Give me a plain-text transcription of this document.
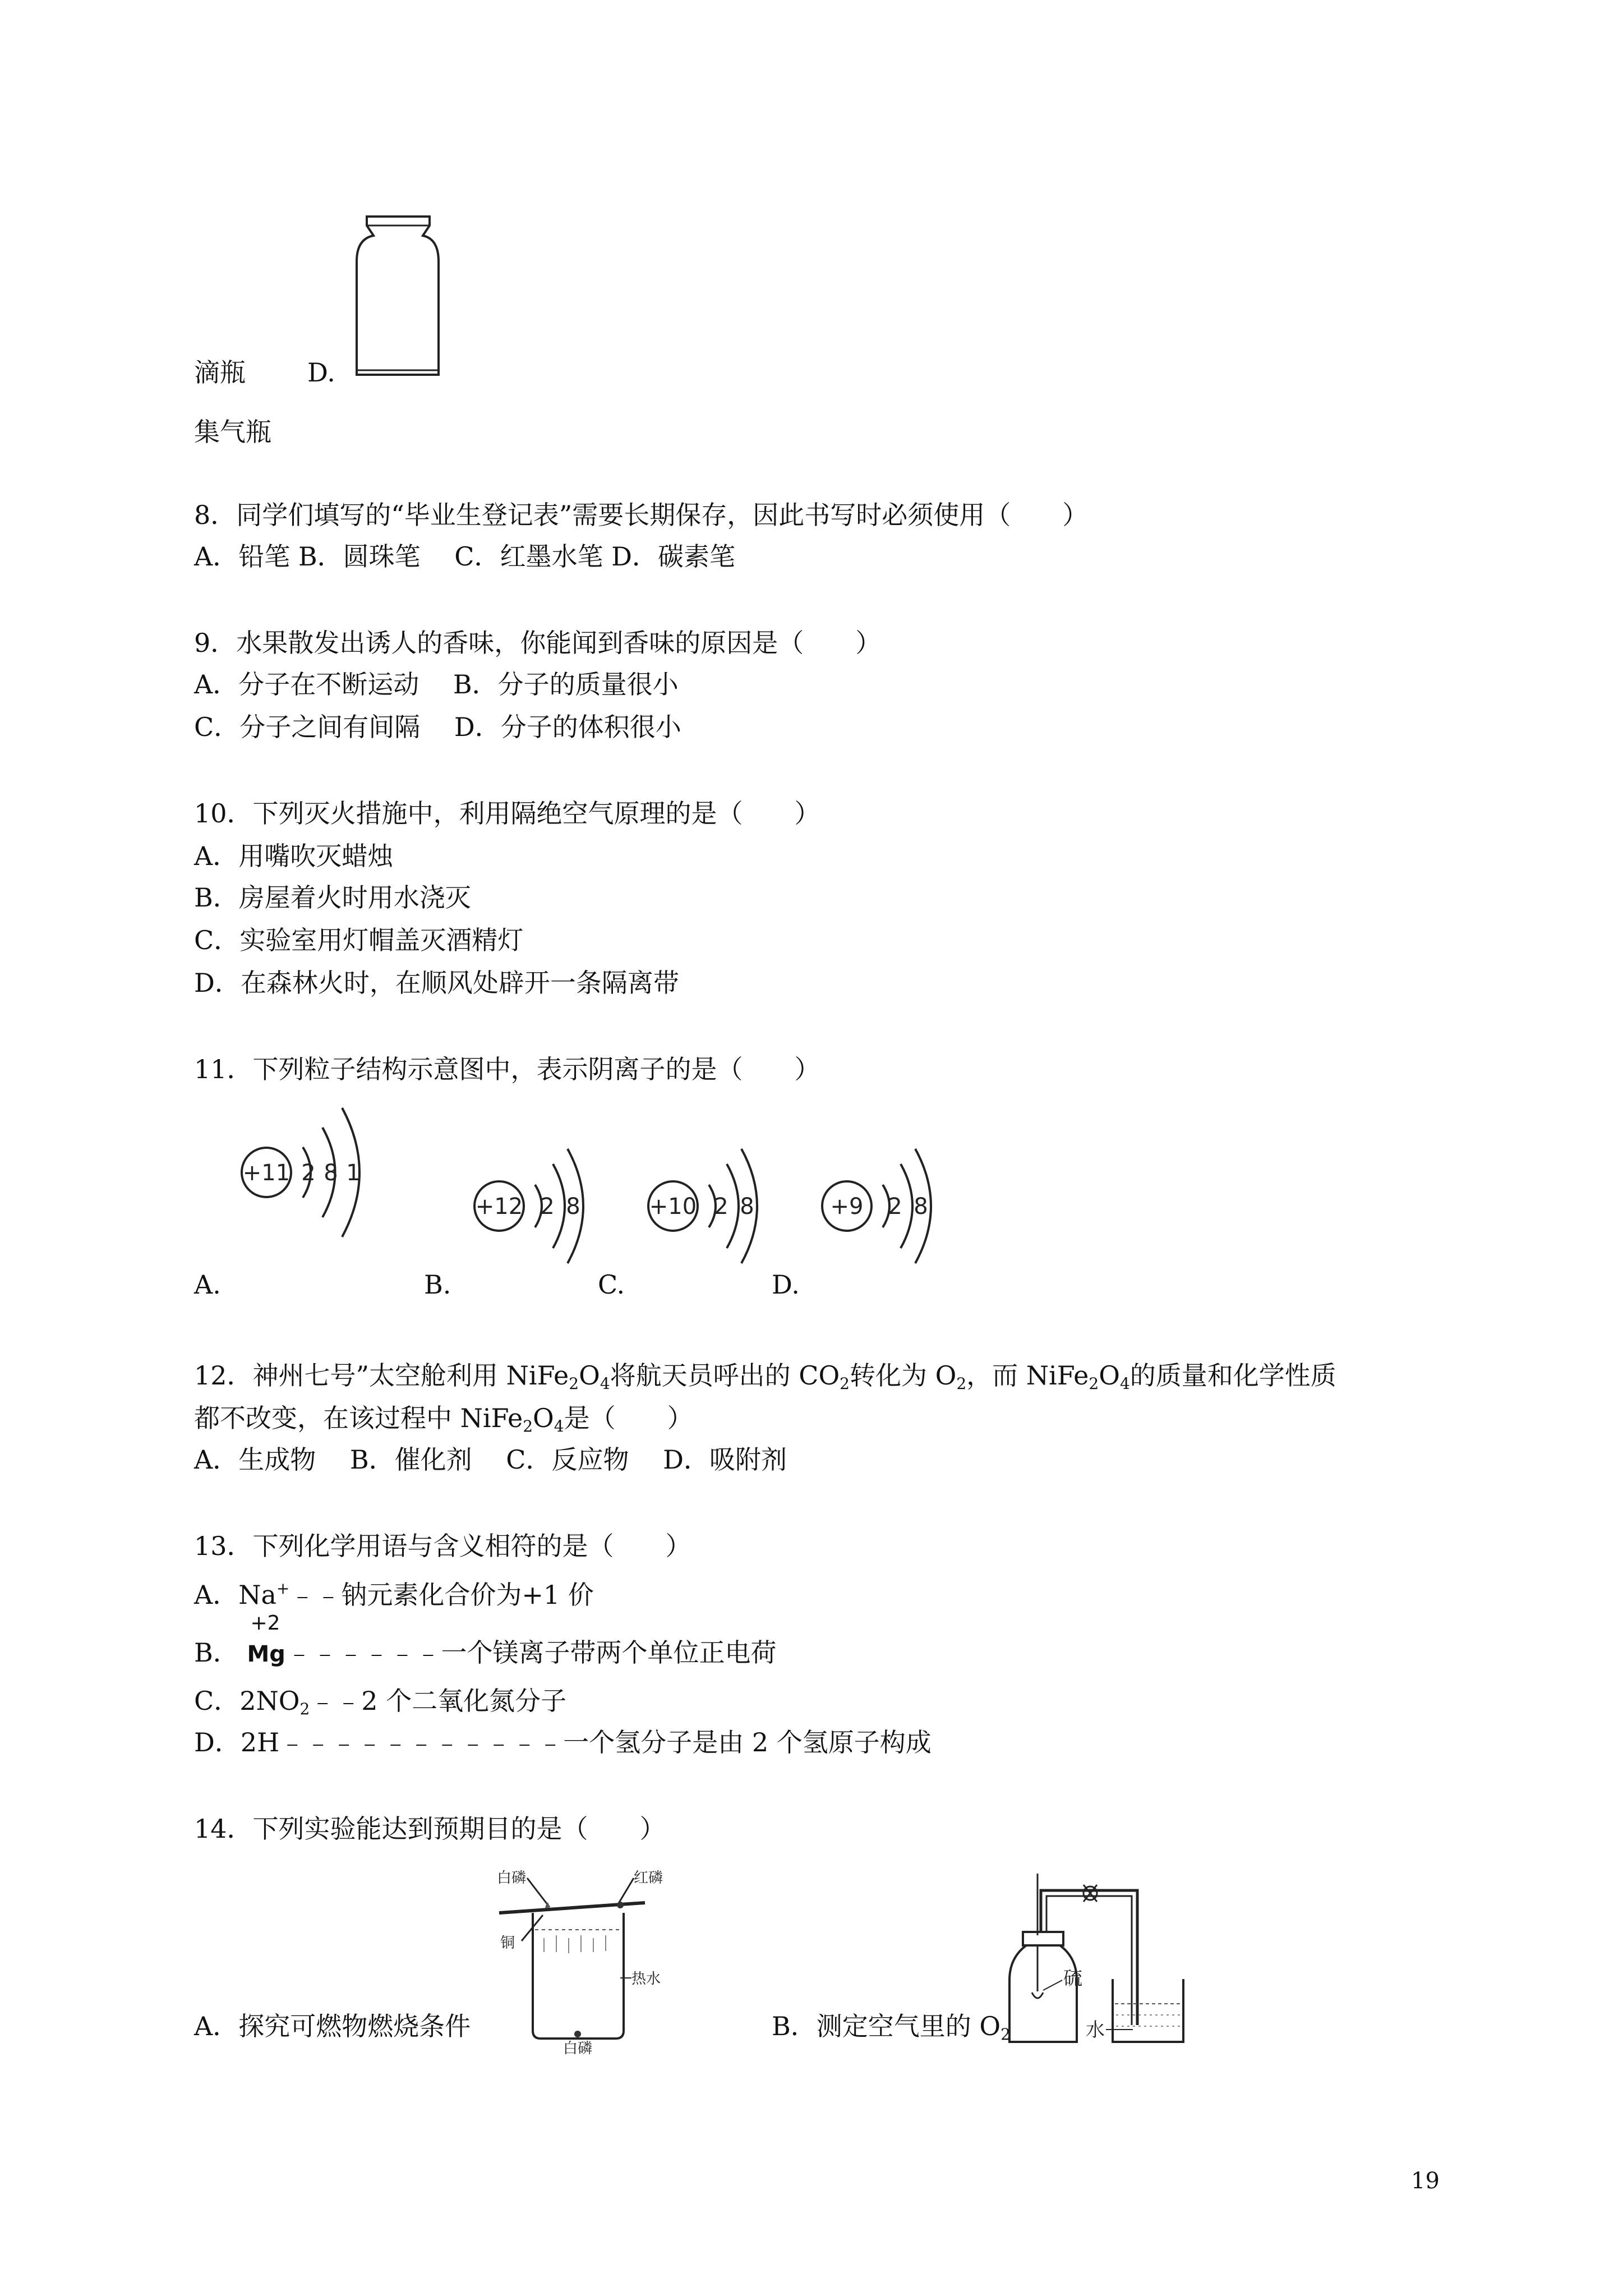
滴瓶 D.
集气瓶
8．同学们填写的“毕业生登记表”需要长期保存，因此书写时必须使用（　　）
A．铅笔 B．圆珠笔　 C．红墨水笔 D．碳素笔
9．水果散发出诱人的香味，你能闻到香味的原因是（　　）
A．分子在不断运动　 B．分子的质量很小
C．分子之间有间隔　 D．分子的体积很小
10．下列灭火措施中，利用隔绝空气原理的是（　　）
A．用嘴吹灭蜡烛
B．房屋着火时用水浇灭
C．实验室用灯帽盖灭酒精灯
D．在森林火时，在顺风处辟开一条隔离带
11．下列粒子结构示意图中，表示阴离子的是（　　）
+11 2 8 1
A.
+12 2 8
B.
+10 2 8
C.
+9 2 8
D.
12．神州七号”太空舱利用 $NiFe_2O_4$将航天员呼出的 $CO_2$转化为 $O_2$，而 $NiFe_2O_4$的质量和化学性质
都不改变，在该过程中 $NiFe_2O_4$是（　　）
A．生成物　 B．催化剂　 C．反应物　 D．吸附剂
13．下列化学用语与含义相符的是（　　）
A．Na+﹣﹣钠元素化合价为+1 价
B．
+2
Mg﹣﹣﹣﹣﹣﹣一个镁离子带两个单位正电荷
C．$2NO_2﹣﹣2$ 个二氧化氮分子
D．2H﹣﹣﹣﹣﹣﹣﹣﹣﹣﹣﹣一个氢分子是由 2 个氢原子构成
14．下列实验能达到预期目的是（　　）
白磷	红磷
铜
热水
白磷
A．探究可燃物燃烧条件
硫
水
B．测定空气里的 $O_2$
19
